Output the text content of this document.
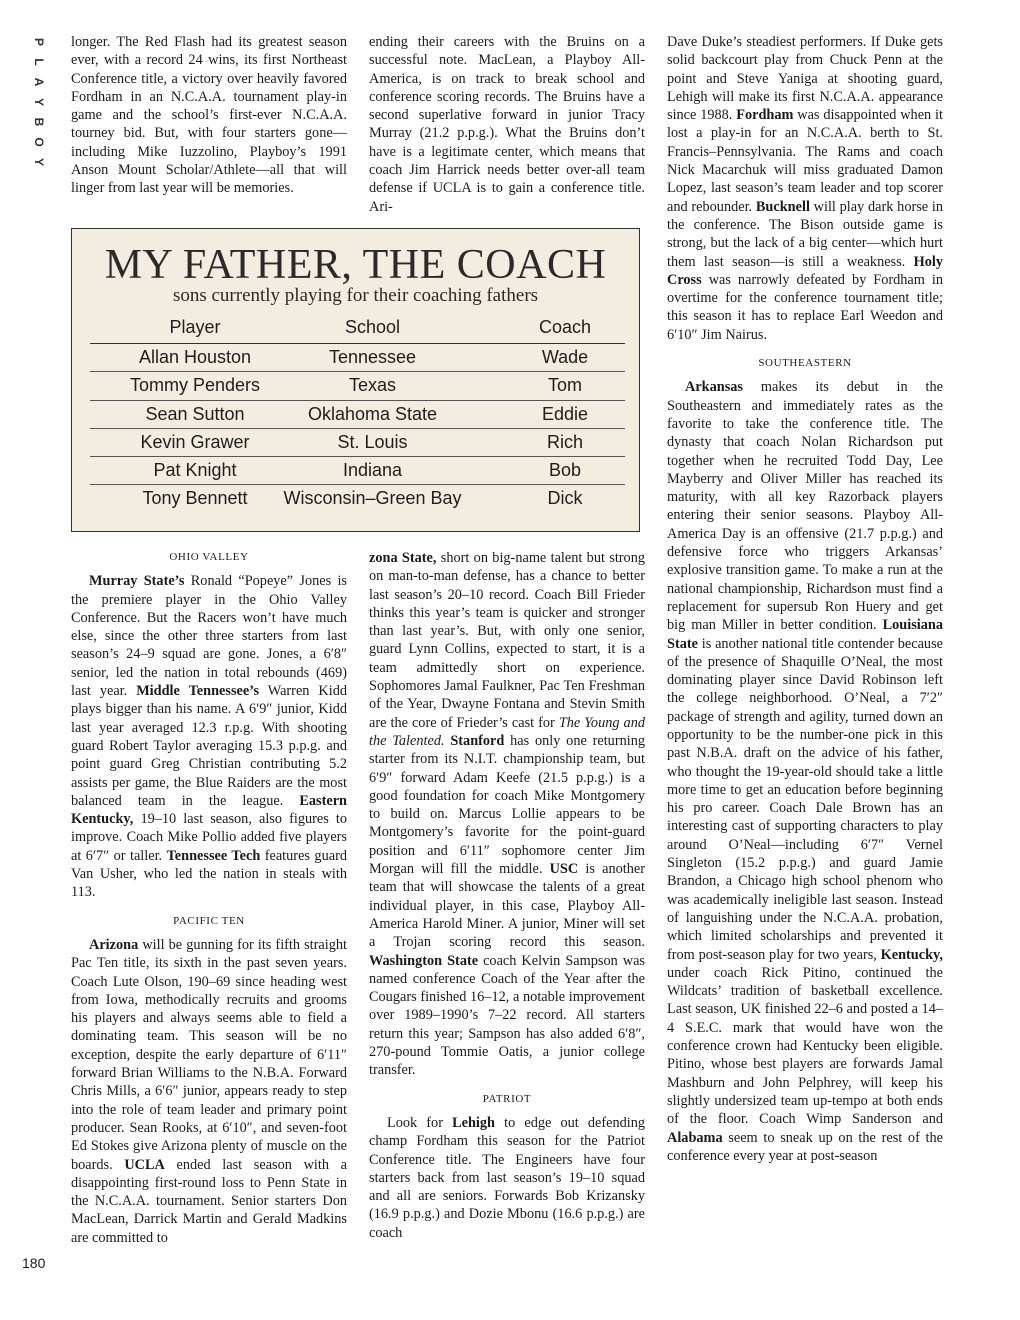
P
L
A
Y
B
O
Y
180

longer. The Red Flash had its greatest season ever, with a record 24 wins, its first Northeast Conference title, a victory over heavily favored Fordham in an N.C.A.A. tournament play-in game and the school’s first-ever N.C.A.A. tourney bid. But, with four starters gone—including Mike Iuzzolino, Playboy’s 1991 Anson Mount Scholar/Athlete—all that will linger from last year will be memories.

ending their careers with the Bruins on a successful note. MacLean, a Playboy All-America, is on track to break school and conference scoring records. The Bruins have a second superlative forward in junior Tracy Murray (21.2 p.p.g.). What the Bruins don’t have is a legitimate center, which means that coach Jim Harrick needs better over-all team defense if UCLA is to gain a conference title. Ari-

MY FATHER, THE COACH
sons currently playing for their coaching fathers
Player	School	Coach
Allan Houston	Tennessee	Wade
Tommy Penders	Texas	Tom
Sean Sutton	Oklahoma State	Eddie
Kevin Grawer	St. Louis	Rich
Pat Knight	Indiana	Bob
Tony Bennett	Wisconsin–Green Bay	Dick
OHIO VALLEY

Murray State’s Ronald “Popeye” Jones is the premiere player in the Ohio Valley Conference. But the Racers won’t have much else, since the other three starters from last season’s 24–9 squad are gone. Jones, a 6′8″ senior, led the nation in total rebounds (469) last year. Middle Tennessee’s Warren Kidd plays bigger than his name. A 6′9″ junior, Kidd last year averaged 12.3 r.p.g. With shooting guard Robert Taylor averaging 15.3 p.p.g. and point guard Greg Christian contributing 5.2 assists per game, the Blue Raiders are the most balanced team in the league. Eastern Kentucky, 19–10 last season, also figures to improve. Coach Mike Pollio added five players at 6′7″ or taller. Tennessee Tech features guard Van Usher, who led the nation in steals with 113.

PACIFIC TEN

Arizona will be gunning for its fifth straight Pac Ten title, its sixth in the past seven years. Coach Lute Olson, 190–69 since heading west from Iowa, methodically recruits and grooms his players and always seems able to field a dominating team. This season will be no exception, despite the early departure of 6′11″ forward Brian Williams to the N.B.A. Forward Chris Mills, a 6′6″ junior, appears ready to step into the role of team leader and primary point producer. Sean Rooks, at 6′10″, and seven-foot Ed Stokes give Arizona plenty of muscle on the boards. UCLA ended last season with a disappointing first-round loss to Penn State in the N.C.A.A. tournament. Senior starters Don MacLean, Darrick Martin and Gerald Madkins are committed to

zona State, short on big-name talent but strong on man-to-man defense, has a chance to better last season’s 20–10 record. Coach Bill Frieder thinks this year’s team is quicker and stronger than last year’s. But, with only one senior, guard Lynn Collins, expected to start, it is a team admittedly short on experience. Sophomores Jamal Faulkner, Pac Ten Freshman of the Year, Dwayne Fontana and Stevin Smith are the core of Frieder’s cast for The Young and the Talented. Stanford has only one returning starter from its N.I.T. championship team, but 6′9″ forward Adam Keefe (21.5 p.p.g.) is a good foundation for coach Mike Montgomery to build on. Marcus Lollie appears to be Montgomery’s favorite for the point-guard position and 6′11″ sophomore center Jim Morgan will fill the middle. USC is another team that will showcase the talents of a great individual player, in this case, Playboy All-America Harold Miner. A junior, Miner will set a Trojan scoring record this season. Washington State coach Kelvin Sampson was named conference Coach of the Year after the Cougars finished 16–12, a notable improvement over 1989–1990’s 7–22 record. All starters return this year; Sampson has also added 6′8″, 270-pound Tommie Oatis, a junior college transfer.

PATRIOT

Look for Lehigh to edge out defending champ Fordham this season for the Patriot Conference title. The Engineers have four starters back from last season’s 19–10 squad and all are seniors. Forwards Bob Krizansky (16.9 p.p.g.) and Dozie Mbonu (16.6 p.p.g.) are coach

Dave Duke’s steadiest performers. If Duke gets solid backcourt play from Chuck Penn at the point and Steve Yaniga at shooting guard, Lehigh will make its first N.C.A.A. appearance since 1988. Fordham was disappointed when it lost a play-in for an N.C.A.A. berth to St. Francis–Pennsylvania. The Rams and coach Nick Macarchuk will miss graduated Damon Lopez, last season’s team leader and top scorer and rebounder. Bucknell will play dark horse in the conference. The Bison outside game is strong, but the lack of a big center—which hurt them last season—is still a weakness. Holy Cross was narrowly defeated by Fordham in overtime for the conference tournament title; this season it has to replace Earl Weedon and 6′10″ Jim Nairus.

SOUTHEASTERN

Arkansas makes its debut in the Southeastern and immediately rates as the favorite to take the conference title. The dynasty that coach Nolan Richardson put together when he recruited Todd Day, Lee Mayberry and Oliver Miller has reached its maturity, with all key Razorback players entering their senior seasons. Playboy All-America Day is an offensive (21.7 p.p.g.) and defensive force who triggers Arkansas’ explosive transition game. To make a run at the national championship, Richardson must find a replacement for supersub Ron Huery and get big man Miller in better condition. Louisiana State is another national title contender because of the presence of Shaquille O’Neal, the most dominating player since David Robinson left the college neighborhood. O’Neal, a 7′2″ package of strength and agility, turned down an opportunity to be the number-one pick in this past N.B.A. draft on the advice of his father, who thought the 19-year-old should take a little more time to get an education before beginning his pro career. Coach Dale Brown has an interesting cast of supporting characters to play around O’Neal—including 6′7″ Vernel Singleton (15.2 p.p.g.) and guard Jamie Brandon, a Chicago high school phenom who was academically ineligible last season. Instead of languishing under the N.C.A.A. probation, which limited scholarships and prevented it from post-season play for two years, Kentucky, under coach Rick Pitino, continued the Wildcats’ tradition of basketball excellence. Last season, UK finished 22–6 and posted a 14–4 S.E.C. mark that would have won the conference crown had Kentucky been eligible. Pitino, whose best players are forwards Jamal Mashburn and John Pelphrey, will keep his slightly undersized team up-tempo at both ends of the floor. Coach Wimp Sanderson and Alabama seem to sneak up on the rest of the conference every year at post-season
